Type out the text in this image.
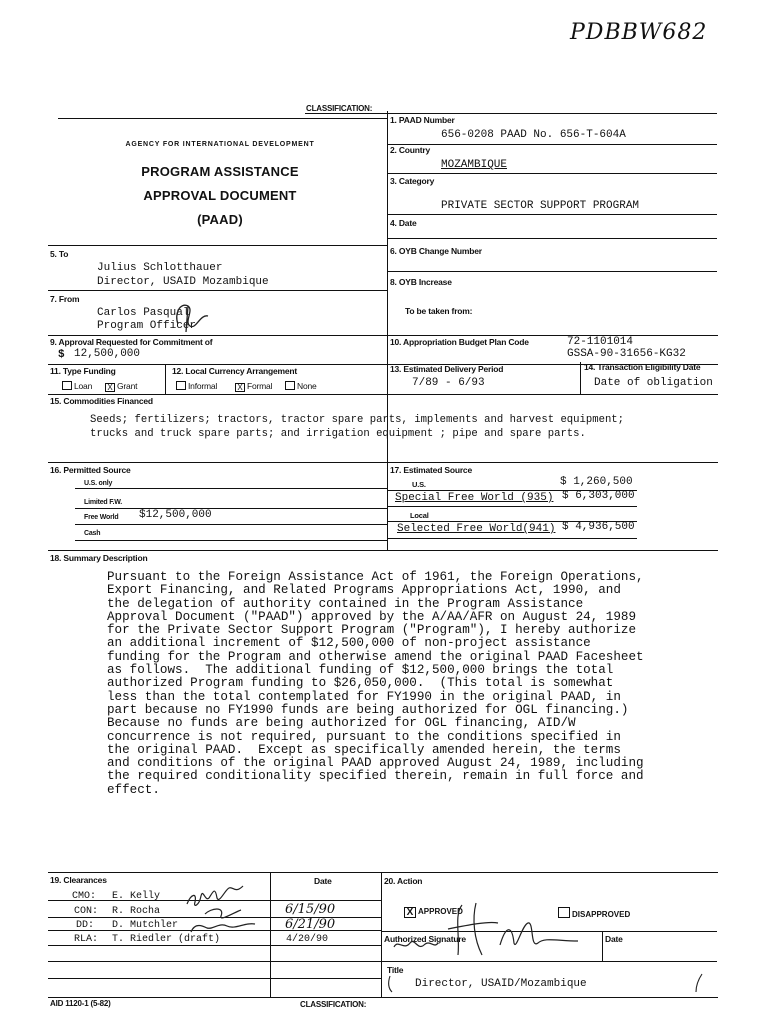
PDBBW682
CLASSIFICATION:
AGENCY FOR INTERNATIONAL DEVELOPMENT
PROGRAM ASSISTANCE
APPROVAL DOCUMENT
(PAAD)
1. PAAD Number
656-0208 PAAD No. 656-T-604A
2. Country
MOZAMBIQUE
3. Category
PRIVATE SECTOR SUPPORT PROGRAM
4. Date
6. OYB Change Number
8. OYB Increase
To be taken from:
5. To
Julius Schlotthauer
Director, USAID Mozambique
7. From
Carlos Pasqual
Program Officer
9. Approval Requested for Commitment of
$ 12,500,000
10. Appropriation Budget Plan Code	72-1101014
GSSA-90-31656-KG32
11. Type Funding
Loan	X Grant
12. Local Currency Arrangement
Informal	X Formal	None
13. Estimated Delivery Period
7/89 - 6/93
14. Transaction Eligibility Date
Date of obligation
15. Commodities Financed
Seeds; fertilizers; tractors, tractor spare parts, implements and harvest equipment;
trucks and truck spare parts; and irrigation equipment ; pipe and spare parts.
16. Permitted Source
U.S. only
Limited F.W.
Free World $12,500,000
Cash
17. Estimated Source
U.S.	$ 1,260,500
Special Free World (935) $ 6,303,000
Local
Selected Free World(941) $ 4,936,500
18. Summary Description
Pursuant to the Foreign Assistance Act of 1961, the Foreign Operations,
Export Financing, and Related Programs Appropriations Act, 1990, and
the delegation of authority contained in the Program Assistance
Approval Document ("PAAD") approved by the A/AA/AFR on August 24, 1989
for the Private Sector Support Program ("Program"), I hereby authorize
an additional increment of $12,500,000 of non-project assistance
funding for the Program and otherwise amend the original PAAD Facesheet
as follows.  The additional funding of $12,500,000 brings the total
authorized Program funding to $26,050,000.  (This total is somewhat
less than the total contemplated for FY1990 in the original PAAD, in
part because no FY1990 funds are being authorized for OGL financing.)
Because no funds are being authorized for OGL financing, AID/W
concurrence is not required, pursuant to the conditions specified in
the original PAAD.  Except as specifically amended herein, the terms
and conditions of the original PAAD approved August 24, 1989, including
the required conditionality specified therein, remain in full force and
effect.
19. Clearances	Date
CMO: E. Kelly
CON: R. Rocha	6/15/90
DD: D. Mutchler	6/21/90
RLA: T. Riedler (draft)	4/20/90
20. Action
X APPROVED	DISAPPROVED
Authorized Signature	Date
Title
Director, USAID/Mozambique
AID 1120-1 (5-82)	CLASSIFICATION:
